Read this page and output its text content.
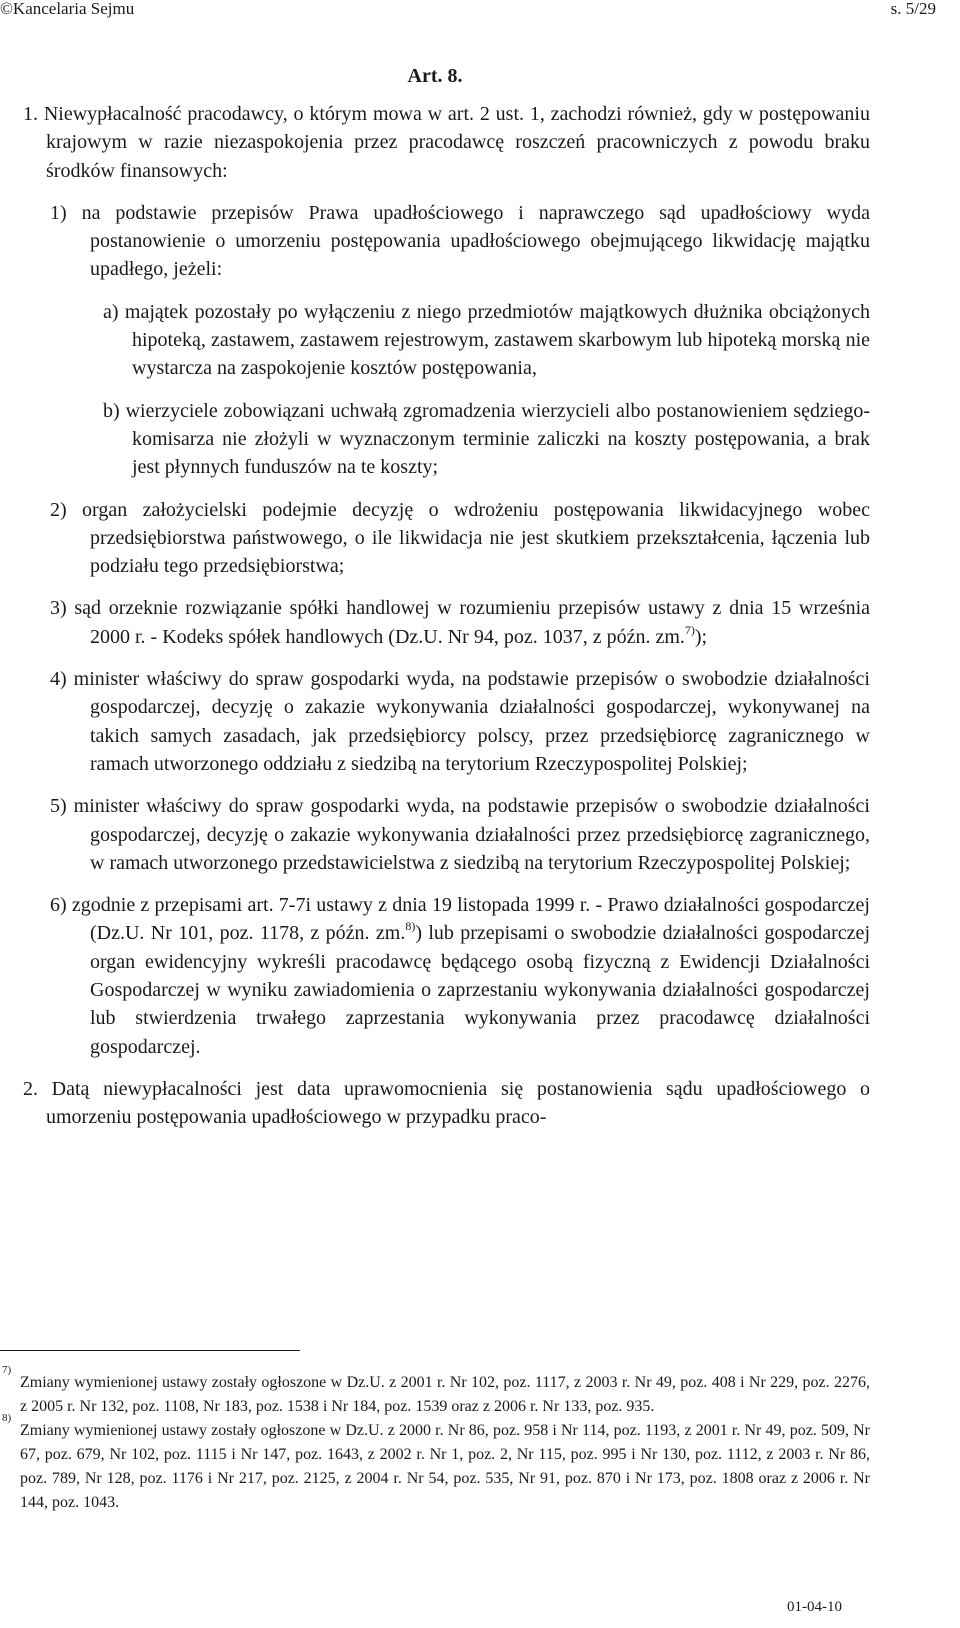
©Kancelaria Sejmu	s. 5/29
Art. 8.

1. Niewypłacalność pracodawcy, o którym mowa w art. 2 ust. 1, zachodzi również, gdy w postępowaniu krajowym w razie niezaspokojenia przez pracodawcę roszczeń pracowniczych z powodu braku środków finansowych:

1) na podstawie przepisów Prawa upadłościowego i naprawczego sąd upadłościowy wyda postanowienie o umorzeniu postępowania upadłościowego obejmującego likwidację majątku upadłego, jeżeli:

a) majątek pozostały po wyłączeniu z niego przedmiotów majątkowych dłużnika obciążonych hipoteką, zastawem, zastawem rejestrowym, zastawem skarbowym lub hipoteką morską nie wystarcza na zaspokojenie kosztów postępowania,

b) wierzyciele zobowiązani uchwałą zgromadzenia wierzycieli albo postanowieniem sędziego-komisarza nie złożyli w wyznaczonym terminie zaliczki na koszty postępowania, a brak jest płynnych funduszów na te koszty;

2) organ założycielski podejmie decyzję o wdrożeniu postępowania likwidacyjnego wobec przedsiębiorstwa państwowego, o ile likwidacja nie jest skutkiem przekształcenia, łączenia lub podziału tego przedsiębiorstwa;

3) sąd orzeknie rozwiązanie spółki handlowej w rozumieniu przepisów ustawy z dnia 15 września 2000 r. - Kodeks spółek handlowych (Dz.U. Nr 94, poz. 1037, z późn. zm.$^{7)}$);

4) minister właściwy do spraw gospodarki wyda, na podstawie przepisów o swobodzie działalności gospodarczej, decyzję o zakazie wykonywania działalności gospodarczej, wykonywanej na takich samych zasadach, jak przedsiębiorcy polscy, przez przedsiębiorcę zagranicznego w ramach utworzonego oddziału z siedzibą na terytorium Rzeczypospolitej Polskiej;

5) minister właściwy do spraw gospodarki wyda, na podstawie przepisów o swobodzie działalności gospodarczej, decyzję o zakazie wykonywania działalności przez przedsiębiorcę zagranicznego, w ramach utworzonego przedstawicielstwa z siedzibą na terytorium Rzeczypospolitej Polskiej;

6) zgodnie z przepisami art. 7-7i ustawy z dnia 19 listopada 1999 r. - Prawo działalności gospodarczej (Dz.U. Nr 101, poz. 1178, z późn. zm.$^{8)}$) lub przepisami o swobodzie działalności gospodarczej organ ewidencyjny wykreśli pracodawcę będącego osobą fizyczną z Ewidencji Działalności Gospodarczej w wyniku zawiadomienia o zaprzestaniu wykonywania działalności gospodarczej lub stwierdzenia trwałego zaprzestania wykonywania przez pracodawcę działalności gospodarczej.

2. Datą niewypłacalności jest data uprawomocnienia się postanowienia sądu upadłościowego o umorzeniu postępowania upadłościowego w przypadku praco-

7)
Zmiany wymienionej ustawy zostały ogłoszone w Dz.U. z 2001 r. Nr 102, poz. 1117, z 2003 r. Nr 49, poz. 408 i Nr 229, poz. 2276, z 2005 r. Nr 132, poz. 1108, Nr 183, poz. 1538 i Nr 184, poz. 1539 oraz z 2006 r. Nr 133, poz. 935.
8)
Zmiany wymienionej ustawy zostały ogłoszone w Dz.U. z 2000 r. Nr 86, poz. 958 i Nr 114, poz. 1193, z 2001 r. Nr 49, poz. 509, Nr 67, poz. 679, Nr 102, poz. 1115 i Nr 147, poz. 1643, z 2002 r. Nr 1, poz. 2, Nr 115, poz. 995 i Nr 130, poz. 1112, z 2003 r. Nr 86, poz. 789, Nr 128, poz. 1176 i Nr 217, poz. 2125, z 2004 r. Nr 54, poz. 535, Nr 91, poz. 870 i Nr 173, poz. 1808 oraz z 2006 r. Nr 144, poz. 1043.
01-04-10
